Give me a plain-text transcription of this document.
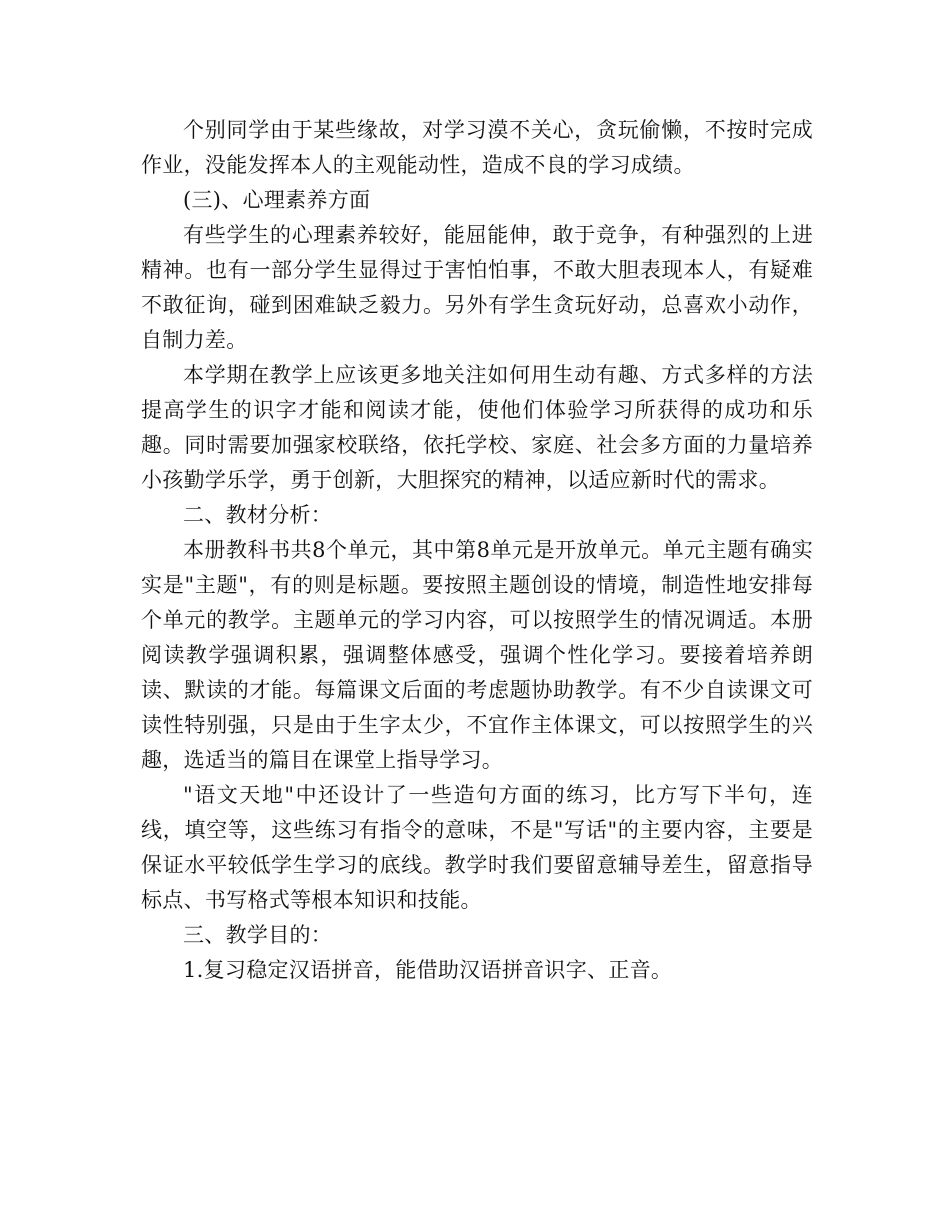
个别同学由于某些缘故，对学习漠不关心，贪玩偷懒，不按时完成作业，没能发挥本人的主观能动性，造成不良的学习成绩。

(三)、心理素养方面

有些学生的心理素养较好，能屈能伸，敢于竞争，有种强烈的上进精神。也有一部分学生显得过于害怕怕事，不敢大胆表现本人，有疑难不敢征询，碰到困难缺乏毅力。另外有学生贪玩好动，总喜欢小动作，自制力差。

本学期在教学上应该更多地关注如何用生动有趣、方式多样的方法提高学生的识字才能和阅读才能，使他们体验学习所获得的成功和乐趣。同时需要加强家校联络，依托学校、家庭、社会多方面的力量培养小孩勤学乐学，勇于创新，大胆探究的精神，以适应新时代的需求。

二、教材分析：

本册教科书共8个单元，其中第8单元是开放单元。单元主题有确实实是"主题"，有的则是标题。要按照主题创设的情境，制造性地安排每个单元的教学。主题单元的学习内容，可以按照学生的情况调适。本册阅读教学强调积累，强调整体感受，强调个性化学习。要接着培养朗读、默读的才能。每篇课文后面的考虑题协助教学。有不少自读课文可读性特别强，只是由于生字太少，不宜作主体课文，可以按照学生的兴趣，选适当的篇目在课堂上指导学习。

"语文天地"中还设计了一些造句方面的练习，比方写下半句，连线，填空等，这些练习有指令的意味，不是"写话"的主要内容，主要是保证水平较低学生学习的底线。教学时我们要留意辅导差生，留意指导标点、书写格式等根本知识和技能。

三、教学目的：

1.复习稳定汉语拼音，能借助汉语拼音识字、正音。
